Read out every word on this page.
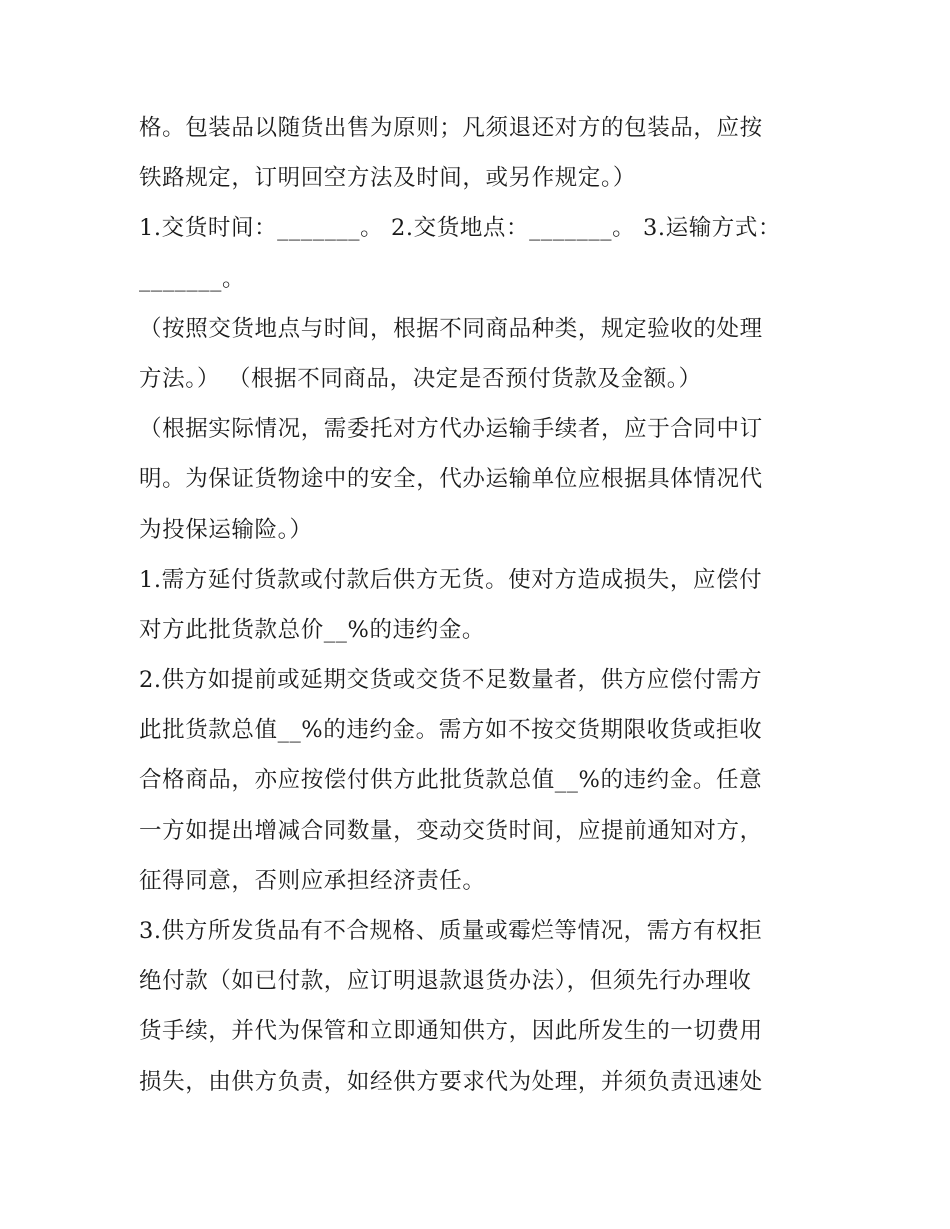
格。包装品以随货出售为原则；凡须退还对方的包装品，应按
铁路规定，订明回空方法及时间，或另作规定。）
1.交货时间：_______。 2.交货地点：_______。 3.运输方式：
_______。
（按照交货地点与时间，根据不同商品种类，规定验收的处理
方法。） （根据不同商品，决定是否预付货款及金额。）
（根据实际情况，需委托对方代办运输手续者，应于合同中订
明。为保证货物途中的安全，代办运输单位应根据具体情况代
为投保运输险。）
1.需方延付货款或付款后供方无货。使对方造成损失，应偿付
对方此批货款总价__%的违约金。
2.供方如提前或延期交货或交货不足数量者，供方应偿付需方
此批货款总值__%的违约金。需方如不按交货期限收货或拒收
合格商品，亦应按偿付供方此批货款总值__%的违约金。任意
一方如提出增减合同数量，变动交货时间，应提前通知对方，
征得同意，否则应承担经济责任。
3.供方所发货品有不合规格、质量或霉烂等情况，需方有权拒
绝付款（如已付款，应订明退款退货办法），但须先行办理收
货手续，并代为保管和立即通知供方，因此所发生的一切费用
损失，由供方负责，如经供方要求代为处理，并须负责迅速处
